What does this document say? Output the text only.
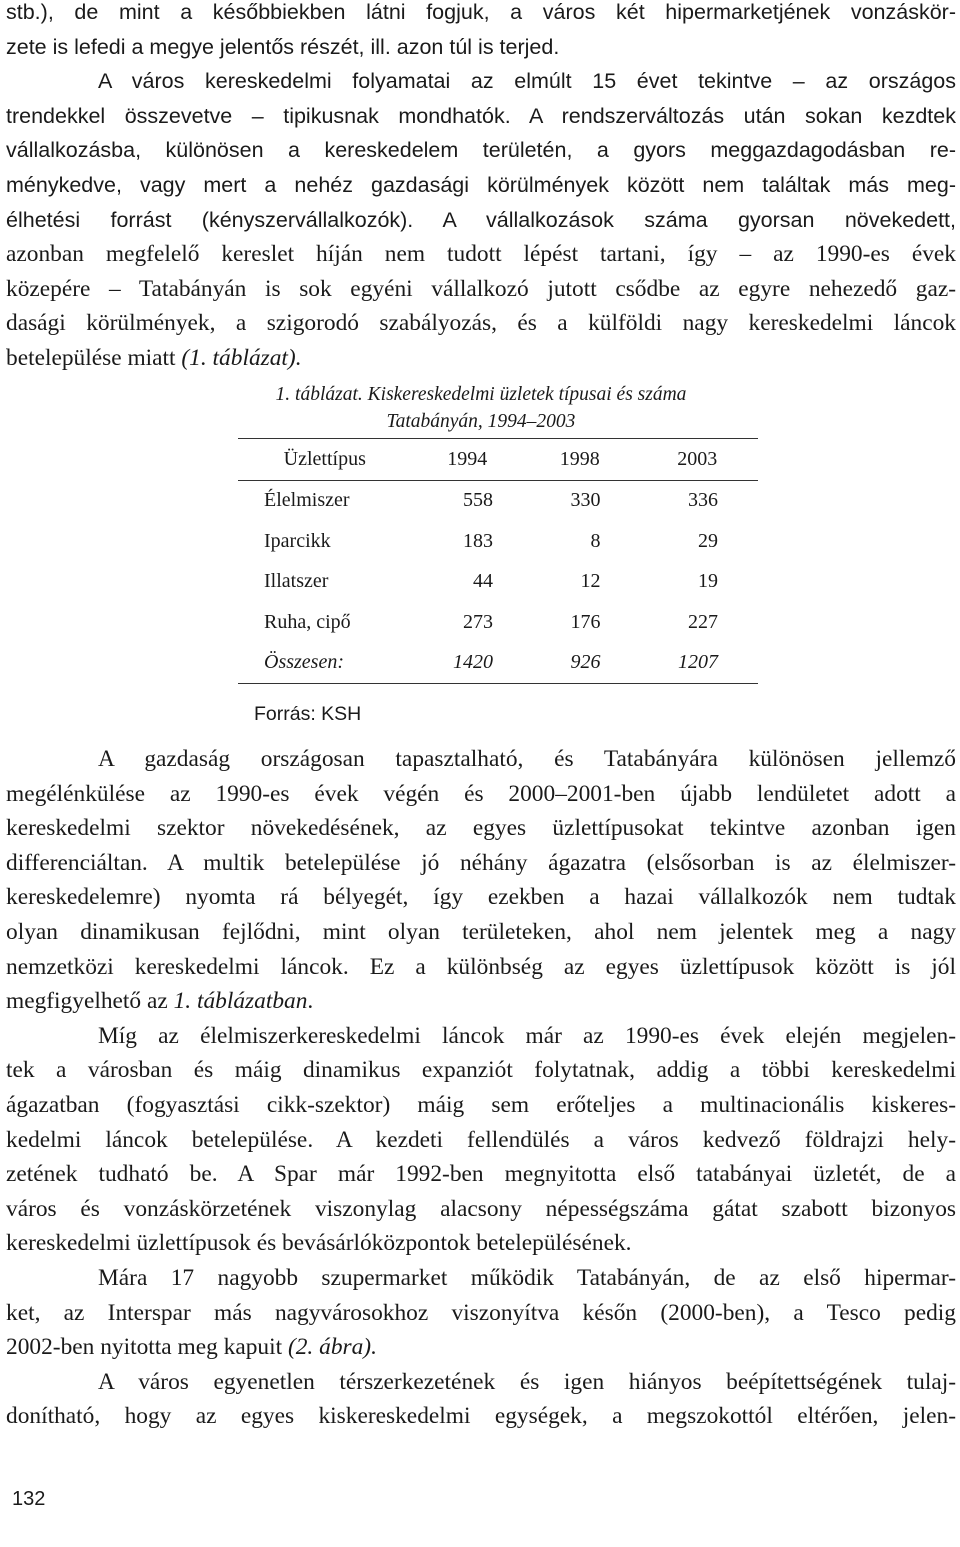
stb.), de mint a későbbiekben látni fogjuk, a város két hipermarketjének vonzáskör-
zete is lefedi a megye jelentős részét, ill. azon túl is terjed.
A város kereskedelmi folyamatai az elmúlt 15 évet tekintve – az országos
trendekkel összevetve – tipikusnak mondhatók. A rendszerváltozás után sokan kezdtek
vállalkozásba, különösen a kereskedelem területén, a gyors meggazdagodásban re-
ménykedve, vagy mert a nehéz gazdasági körülmények között nem találtak más meg-
élhetési forrást (kényszervállalkozók). A vállalkozások száma gyorsan növekedett,
azonban megfelelő kereslet híján nem tudott lépést tartani, így – az 1990-es évek
közepére – Tatabányán is sok egyéni vállalkozó jutott csődbe az egyre nehezedő gaz-
dasági körülmények, a szigorodó szabályozás, és a külföldi nagy kereskedelmi láncok
betelepülése miatt (1. táblázat).
1. táblázat. Kiskereskedelmi üzletek típusai és száma
Tatabányán, 1994–2003
Üzlettípus	1994	1998	2003
Élelmiszer	558	330	336
Iparcikk	183	8	29
Illatszer	44	12	19
Ruha, cipő	273	176	227
Összesen:	1420	926	1207
Forrás: KSH
A gazdaság országosan tapasztalható, és Tatabányára különösen jellemző
megélénkülése az 1990-es évek végén és 2000–2001-ben újabb lendületet adott a
kereskedelmi szektor növekedésének, az egyes üzlettípusokat tekintve azonban igen
differenciáltan. A multik betelepülése jó néhány ágazatra (elsősorban is az élelmiszer-
kereskedelemre) nyomta rá bélyegét, így ezekben a hazai vállalkozók nem tudtak
olyan dinamikusan fejlődni, mint olyan területeken, ahol nem jelentek meg a nagy
nemzetközi kereskedelmi láncok. Ez a különbség az egyes üzlettípusok között is jól
megfigyelhető az 1. táblázatban.
Míg az élelmiszerkereskedelmi láncok már az 1990-es évek elején megjelen-
tek a városban és máig dinamikus expanziót folytatnak, addig a többi kereskedelmi
ágazatban (fogyasztási cikk-szektor) máig sem erőteljes a multinacionális kiskeres-
kedelmi láncok betelepülése. A kezdeti fellendülés a város kedvező földrajzi hely-
zetének tudható be. A Spar már 1992-ben megnyitotta első tatabányai üzletét, de a
város és vonzáskörzetének viszonylag alacsony népességszáma gátat szabott bizonyos
kereskedelmi üzlettípusok és bevásárlóközpontok betelepülésének.
Mára 17 nagyobb szupermarket működik Tatabányán, de az első hipermar-
ket, az Interspar más nagyvárosokhoz viszonyítva későn (2000-ben), a Tesco pedig
2002-ben nyitotta meg kapuit (2. ábra).
A város egyenetlen térszerkezetének és igen hiányos beépítettségének tulaj-
donítható, hogy az egyes kiskereskedelmi egységek, a megszokottól eltérően, jelen-
132
